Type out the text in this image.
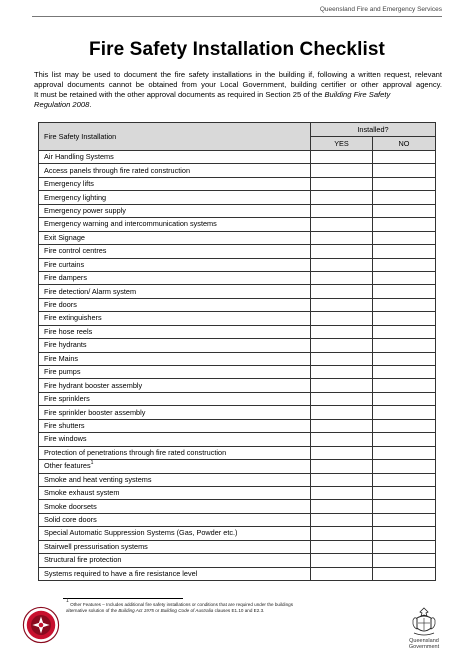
Queensland Fire and Emergency Services
Fire Safety Installation Checklist
This list may be used to document the fire safety installations in the building if, following a written request, relevant
approval documents cannot be obtained from your Local Government, building certifier or other approval agency.
It must be retained with the other approval documents as required in Section 25 of the Building Fire Safety
Regulation 2008.
Fire Safety Installation	Installed?	
	YES	NO
Air Handling Systems		
Access panels through fire rated construction		
Emergency lifts		
Emergency lighting		
Emergency power supply		
Emergency warning and intercommunication systems		
Exit Signage		
Fire control centres		
Fire curtains		
Fire dampers		
Fire detection/ Alarm system		
Fire doors		
Fire extinguishers		
Fire hose reels		
Fire hydrants		
Fire Mains		
Fire pumps		
Fire hydrant booster assembly		
Fire sprinklers		
Fire sprinkler booster assembly		
Fire shutters		
Fire windows		
Protection of penetrations through fire rated construction		
Other features$^1$		
Smoke and heat venting systems		
Smoke exhaust system		
Smoke doorsets		
Solid core doors		
Special Automatic Suppression Systems (Gas, Powder etc.)		
Stairwell pressurisation systems		
Structural fire protection		
Systems required to have a fire resistance level		
$^1$ Other Features – Includes additional fire safety installations or conditions that are required under the buildings
alternative solution of the Building Act 1975 or Building Code of Australia clauses E1.10 and E2.3.
Queensland
Government
